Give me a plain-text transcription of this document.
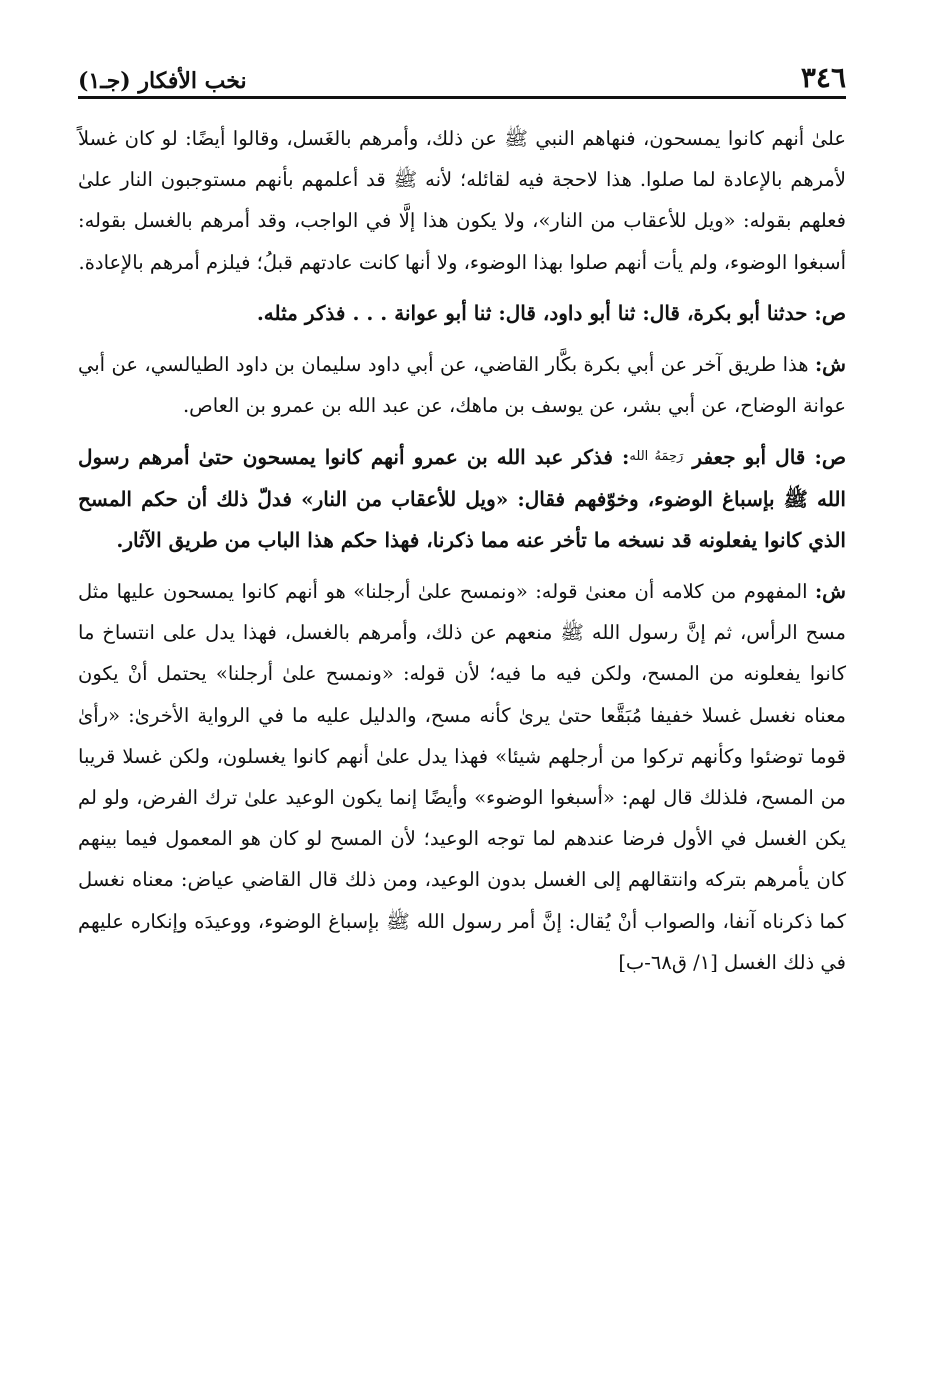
٣٤٦
نخب الأفكار (جـ١)

علىٰ أنهم كانوا يمسحون، فنهاهم النبي ﷺ عن ذلك، وأمرهم بالغَسل، وقالوا أيضًا: لو كان غسلاً لأمرهم بالإعادة لما صلوا. هذا لاحجة فيه لقائله؛ لأنه ﷺ قد أعلمهم بأنهم مستوجبون النار علىٰ فعلهم بقوله: «ويل للأعقاب من النار»، ولا يكون هذا إلَّا في الواجب، وقد أمرهم بالغسل بقوله: أسبغوا الوضوء، ولم يأت أنهم صلوا بهذا الوضوء، ولا أنها كانت عادتهم قبلُ؛ فيلزم أمرهم بالإعادة.

ص: حدثنا أبو بكرة، قال: ثنا أبو داود، قال: ثنا أبو عوانة . . . فذكر مثله.

ش: هذا طريق آخر عن أبي بكرة بكَّار القاضي، عن أبي داود سليمان بن داود الطيالسي، عن أبي عوانة الوضاح، عن أبي بشر، عن يوسف بن ماهك، عن عبد الله بن عمرو بن العاص.

ص: قال أبو جعفر $^{رَحِمَهُ الله}$: فذكر عبد الله بن عمرو أنهم كانوا يمسحون حتىٰ أمرهم رسول الله ﷺ بإسباغ الوضوء، وخوّفهم فقال: «ويل للأعقاب من النار» فدلّ ذلك أن حكم المسح الذي كانوا يفعلونه قد نسخه ما تأخر عنه مما ذكرنا، فهذا حكم هذا الباب من طريق الآثار.

ش: المفهوم من كلامه أن معنىٰ قوله: «ونمسح علىٰ أرجلنا» هو أنهم كانوا يمسحون عليها مثل مسح الرأس، ثم إنَّ رسول الله ﷺ منعهم عن ذلك، وأمرهم بالغسل، فهذا يدل على انتساخ ما كانوا يفعلونه من المسح، ولكن فيه ما فيه؛ لأن قوله: «ونمسح علىٰ أرجلنا» يحتمل أنْ يكون معناه نغسل غسلا خفيفا مُبَقَّعا حتىٰ يرىٰ كأنه مسح، والدليل عليه ما في الرواية الأخرىٰ: «رأىٰ قوما توضئوا وكأنهم تركوا من أرجلهم شيئا» فهذا يدل علىٰ أنهم كانوا يغسلون، ولكن غسلا قريبا من المسح، فلذلك قال لهم: «أسبغوا الوضوء» وأيضًا إنما يكون الوعيد علىٰ ترك الفرض، ولو لم يكن الغسل في الأول فرضا عندهم لما توجه الوعيد؛ لأن المسح لو كان هو المعمول فيما بينهم كان يأمرهم بتركه وانتقالهم إلى الغسل بدون الوعيد، ومن ذلك قال القاضي عياض: معناه نغسل كما ذكرناه آنفا، والصواب أنْ يُقال: إنَّ أمر رسول الله ﷺ بإسباغ الوضوء، ووعيدَه وإنكاره عليهم في ذلك الغسل [١/ ق٦٨-ب]
